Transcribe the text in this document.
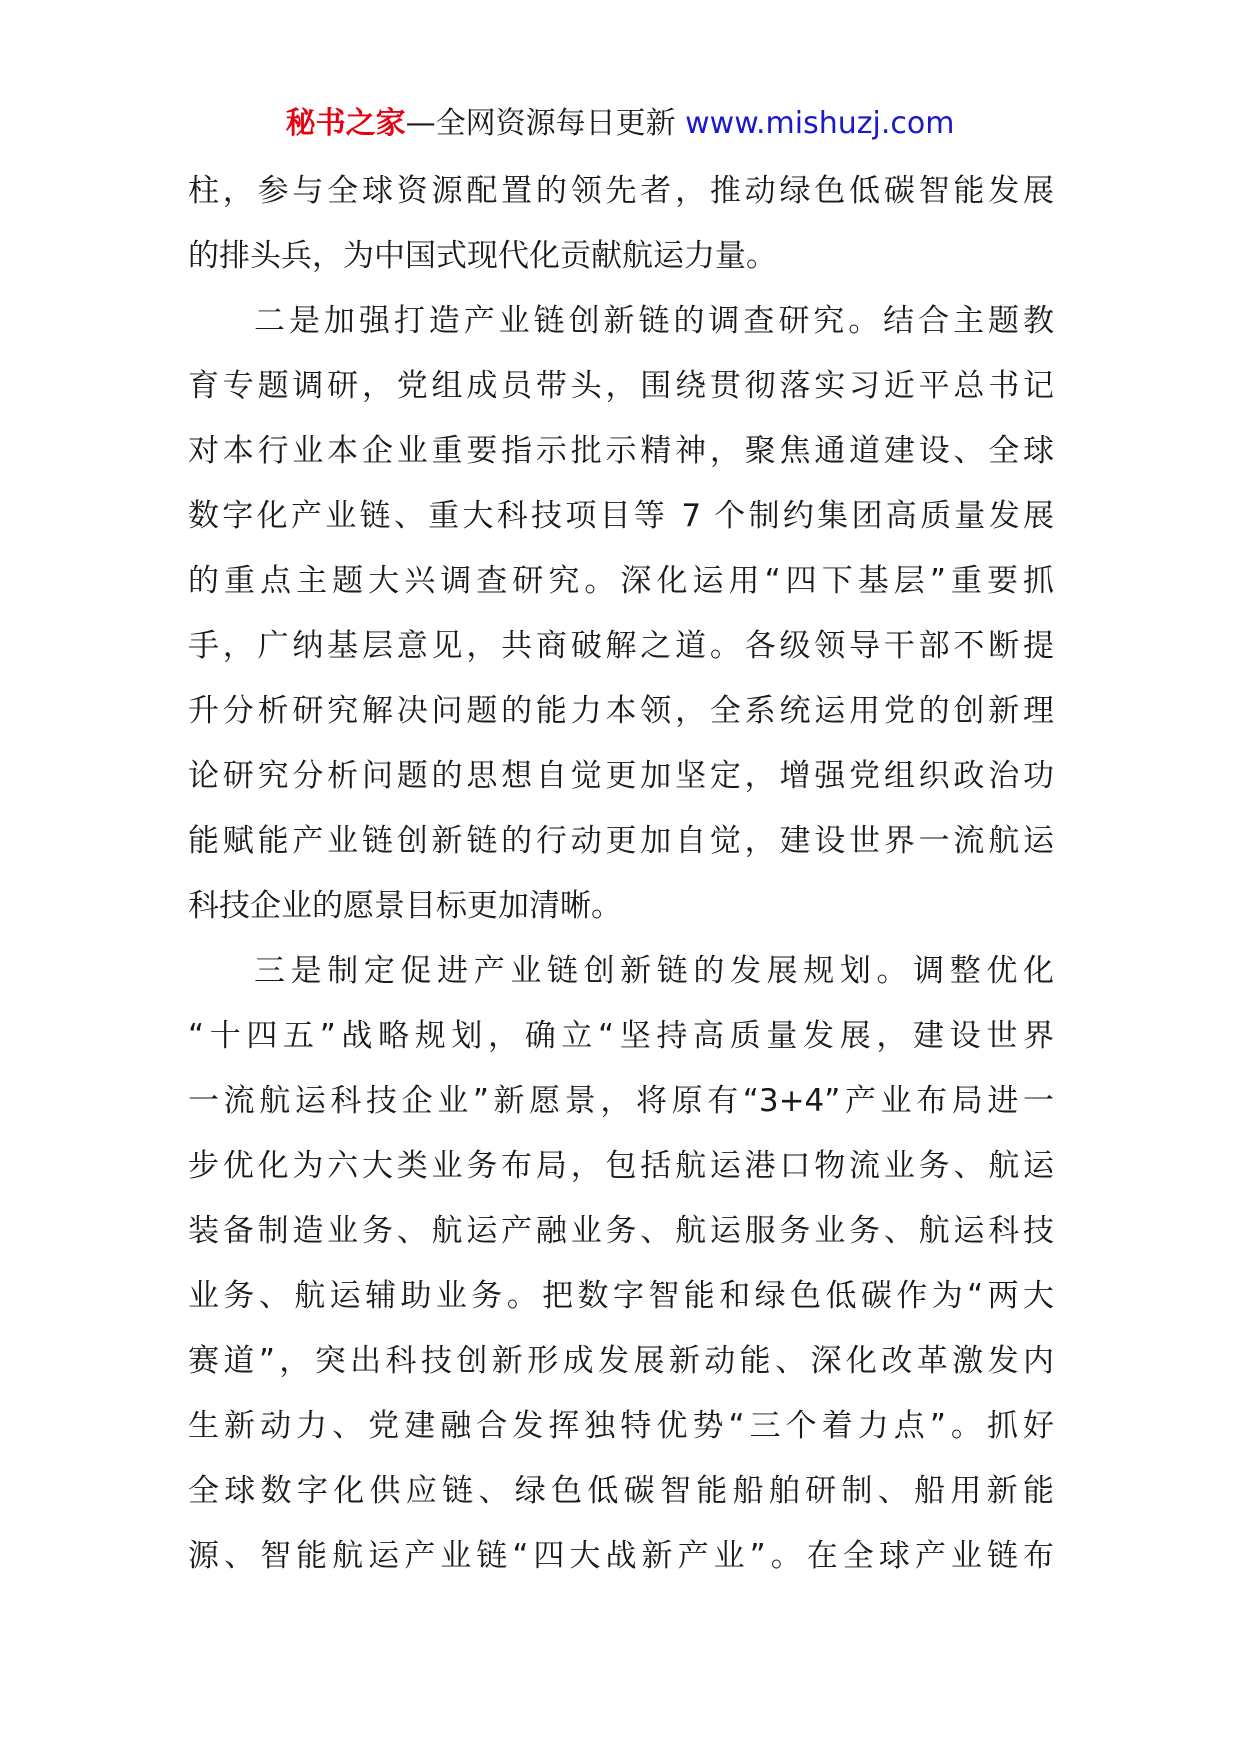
秘书之家—全网资源每日更新 www.mishuzj.com
柱，参与全球资源配置的领先者，推动绿色低碳智能发展
的排头兵，为中国式现代化贡献航运力量。
二是加强打造产业链创新链的调查研究。结合主题教
育专题调研，党组成员带头，围绕贯彻落实习近平总书记
对本行业本企业重要指示批示精神，聚焦通道建设、全球
数字化产业链、重大科技项目等 7 个制约集团高质量发展
的重点主题大兴调查研究。深化运用“四下基层”重要抓
手，广纳基层意见，共商破解之道。各级领导干部不断提
升分析研究解决问题的能力本领，全系统运用党的创新理
论研究分析问题的思想自觉更加坚定，增强党组织政治功
能赋能产业链创新链的行动更加自觉，建设世界一流航运
科技企业的愿景目标更加清晰。
三是制定促进产业链创新链的发展规划。调整优化
“十四五”战略规划，确立“坚持高质量发展，建设世界
一流航运科技企业”新愿景，将原有“3+4”产业布局进一
步优化为六大类业务布局，包括航运港口物流业务、航运
装备制造业务、航运产融业务、航运服务业务、航运科技
业务、航运辅助业务。把数字智能和绿色低碳作为“两大
赛道”，突出科技创新形成发展新动能、深化改革激发内
生新动力、党建融合发挥独特优势“三个着力点”。抓好
全球数字化供应链、绿色低碳智能船舶研制、船用新能
源、智能航运产业链“四大战新产业”。在全球产业链布
